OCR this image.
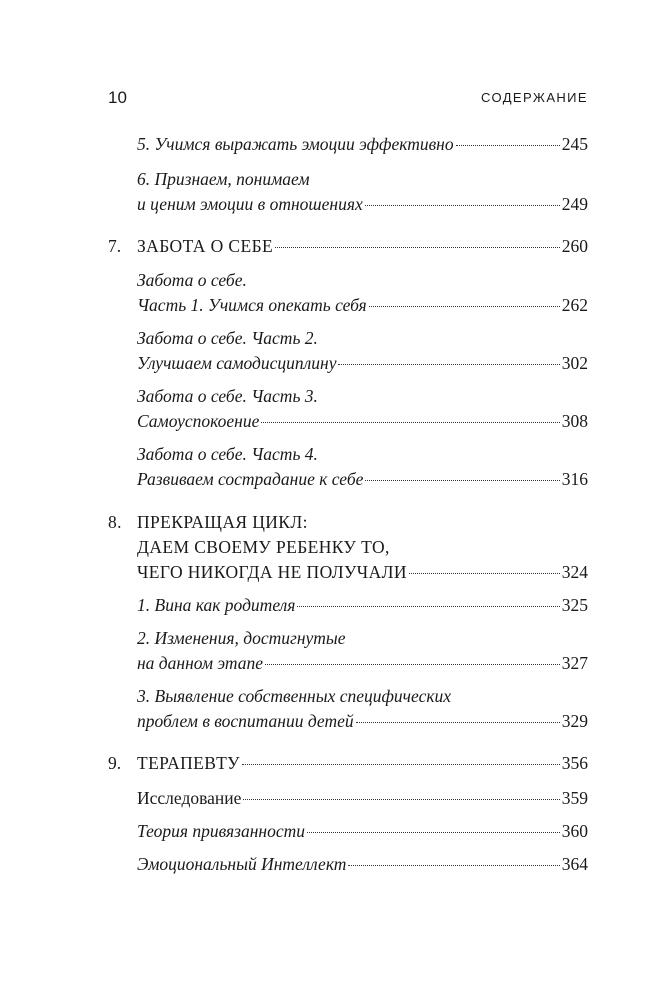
10	СОДЕРЖАНИЕ
5. Учимся выражать эмоции эффективно	245
6. Признаем, понимаем
и ценим эмоции в отношениях	249
7. ЗАБОТА О СЕБЕ	260
Забота о себе.
Часть 1. Учимся опекать себя	262
Забота о себе. Часть 2.
Улучшаем самодисциплину	302
Забота о себе. Часть 3.
Самоуспокоение	308
Забота о себе. Часть 4.
Развиваем сострадание к себе	316
8. ПРЕКРАЩАЯ ЦИКЛ:
ДАЕМ СВОЕМУ РЕБЕНКУ ТО,
ЧЕГО НИКОГДА НЕ ПОЛУЧАЛИ	324
1. Вина как родителя	325
2. Изменения, достигнутые
на данном этапе	327
3. Выявление собственных специфических
проблем в воспитании детей	329
9. ТЕРАПЕВТУ	356
Исследование	359
Теория привязанности	360
Эмоциональный Интеллект	364
